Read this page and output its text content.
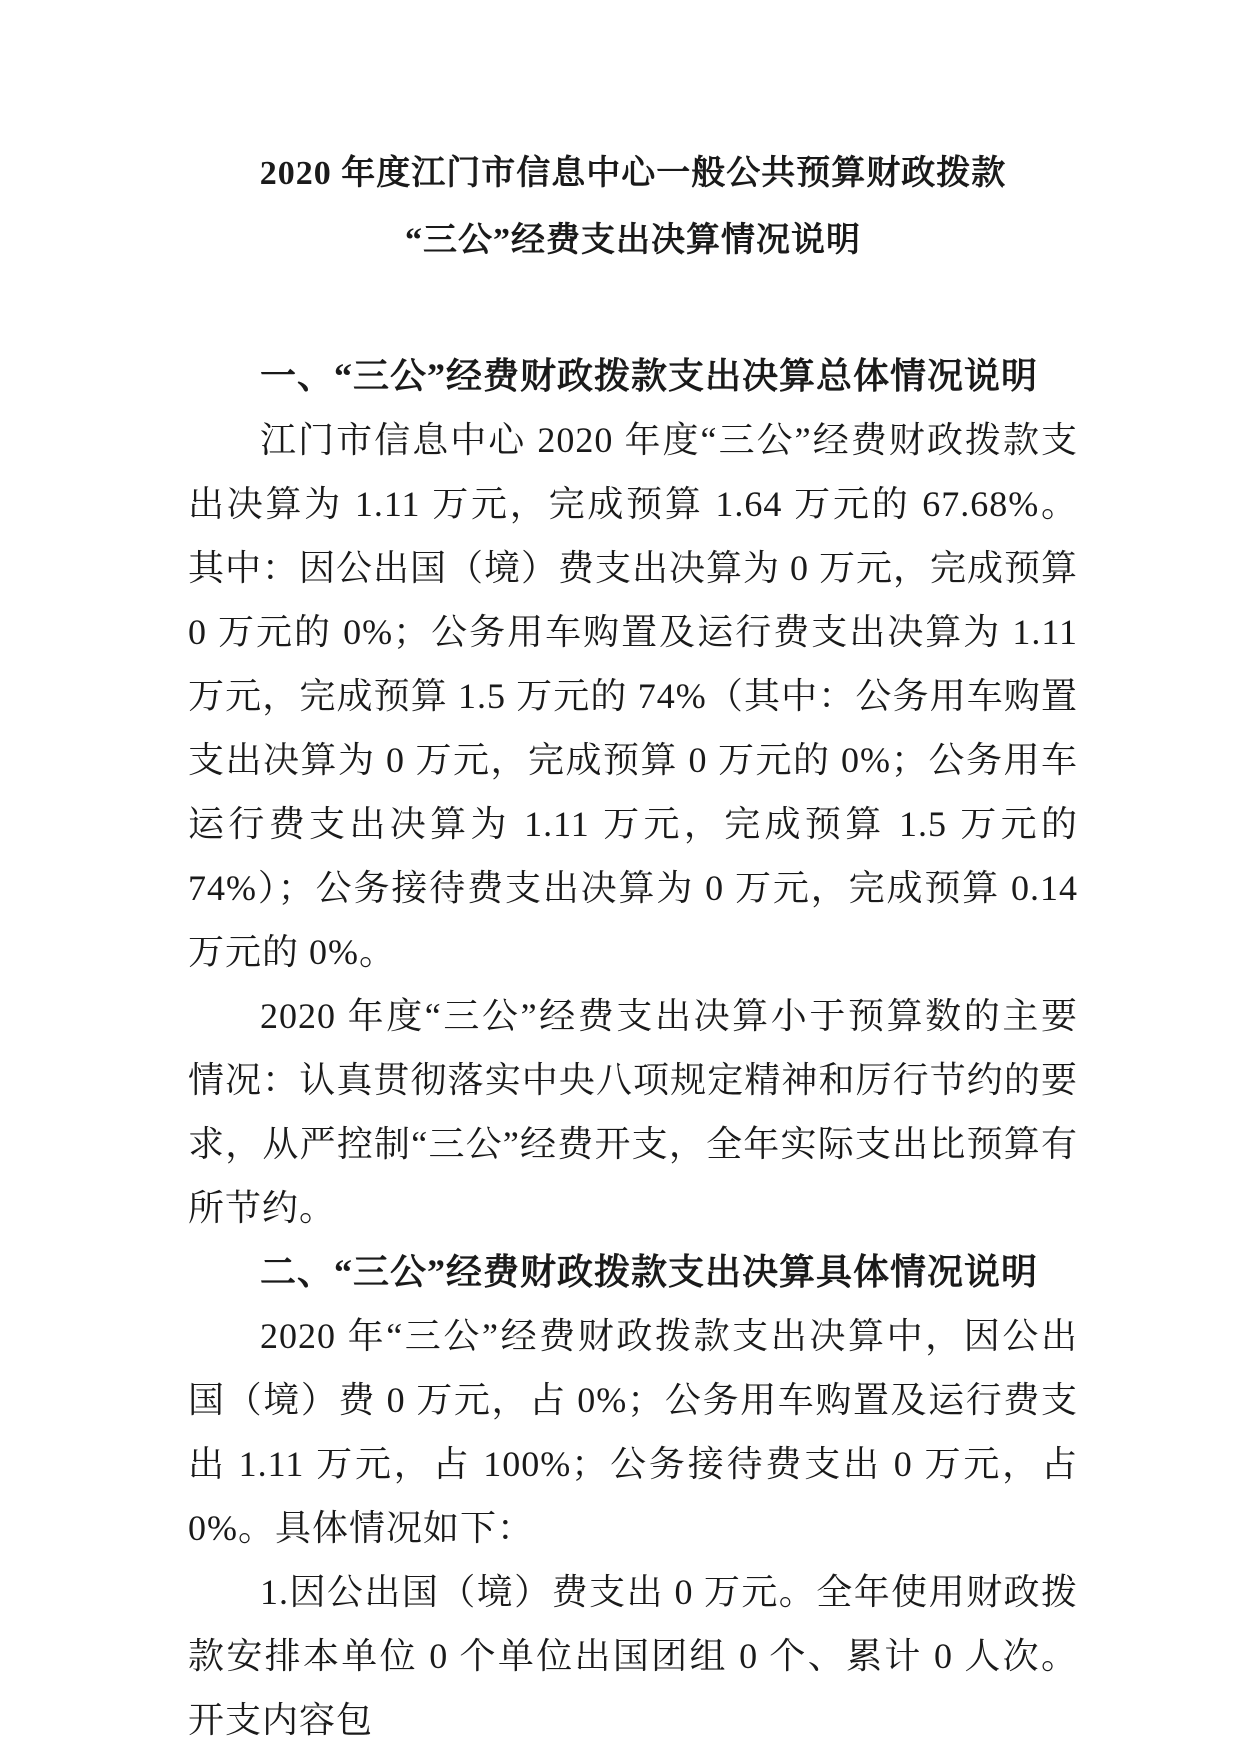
2020 年度江门市信息中心一般公共预算财政拨款
“三公”经费支出决算情况说明
一、“三公”经费财政拨款支出决算总体情况说明

江门市信息中心 2020 年度“三公”经费财政拨款支出决算为 1.11 万元，完成预算 1.64 万元的 67.68%。其中：因公出国（境）费支出决算为 0 万元，完成预算 0 万元的 0%；公务用车购置及运行费支出决算为 1.11 万元，完成预算 1.5 万元的 74%（其中：公务用车购置支出决算为 0 万元，完成预算 0 万元的 0%；公务用车运行费支出决算为 1.11 万元，完成预算 1.5 万元的 74%）；公务接待费支出决算为 0 万元，完成预算 0.14 万元的 0%。

2020 年度“三公”经费支出决算小于预算数的主要情况：认真贯彻落实中央八项规定精神和厉行节约的要求，从严控制“三公”经费开支，全年实际支出比预算有所节约。

二、“三公”经费财政拨款支出决算具体情况说明

2020 年“三公”经费财政拨款支出决算中，因公出国（境）费 0 万元，占 0%；公务用车购置及运行费支出 1.11 万元，占 100%；公务接待费支出 0 万元，占 0%。具体情况如下：

1.因公出国（境）费支出 0 万元。全年使用财政拨款安排本单位 0 个单位出国团组 0 个、累计 0 人次。开支内容包
